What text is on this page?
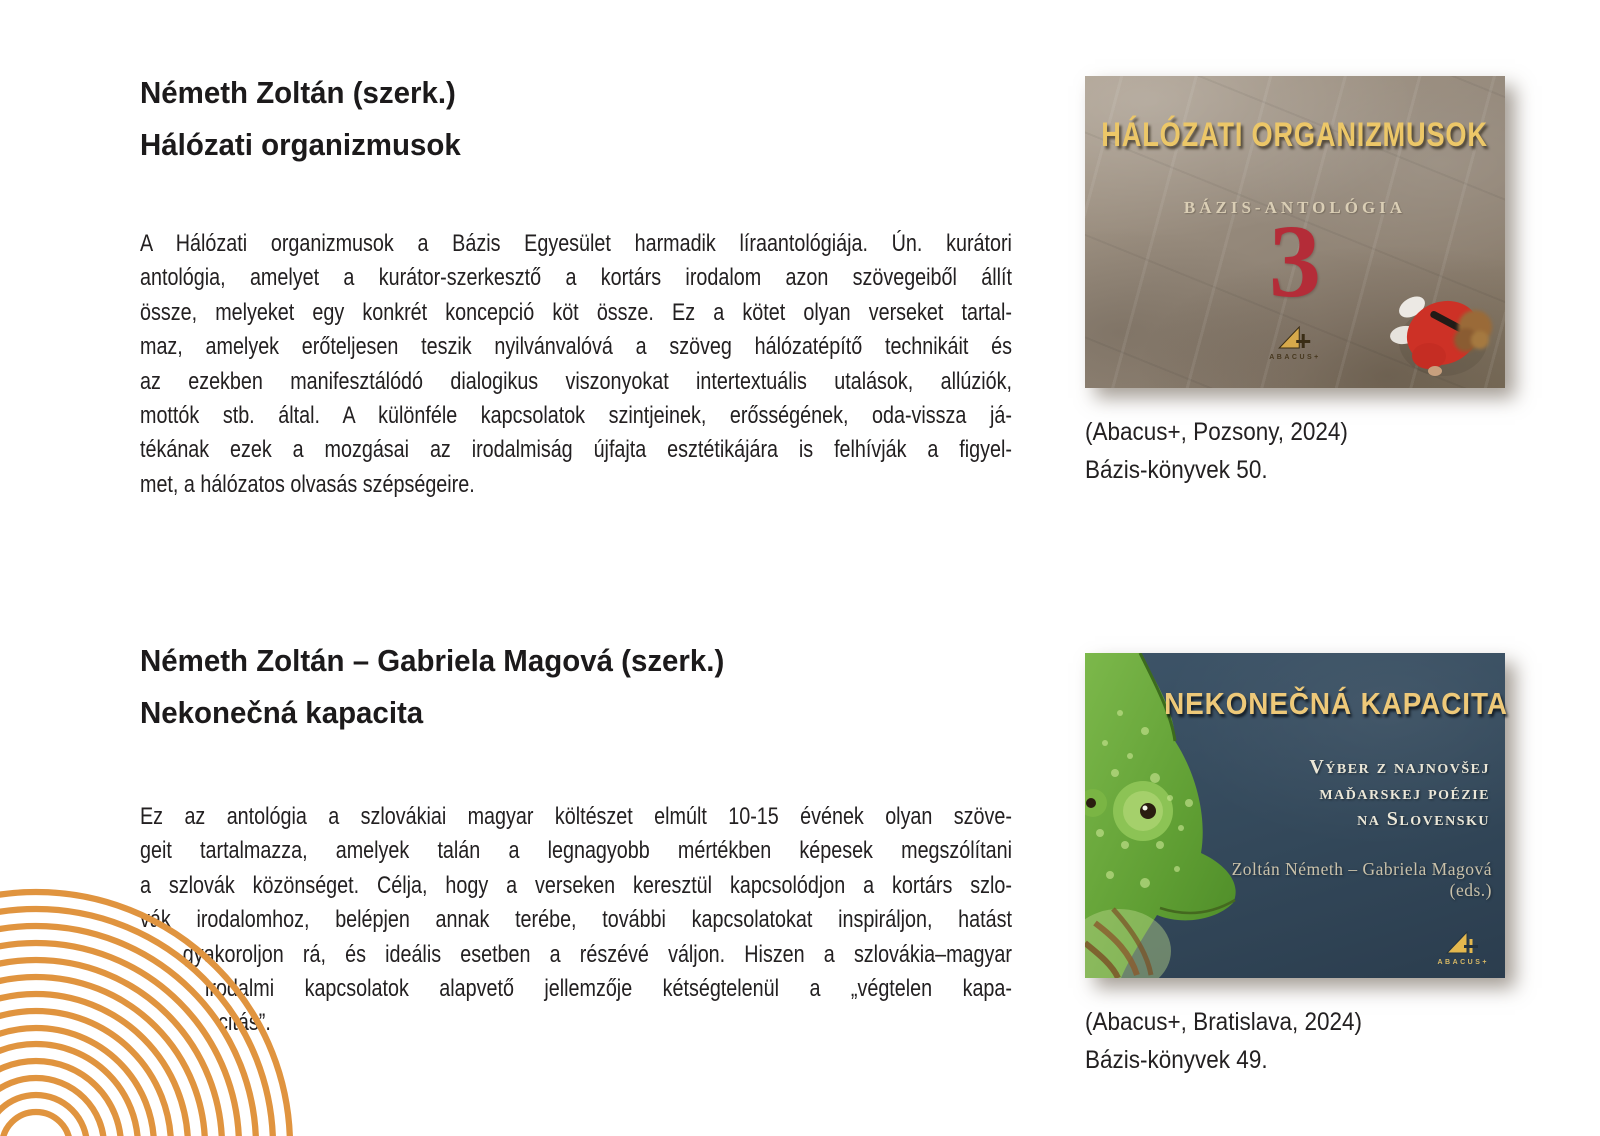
Németh Zoltán (szerk.)
Hálózati organizmusok
A Hálózati organizmusok a Bázis Egyesület harmadik líraantológiája. Ún. kurátori
antológia, amelyet a kurátor-szerkesztő a kortárs irodalom azon szövegeiből állít
össze, melyeket egy konkrét koncepció köt össze. Ez a kötet olyan verseket tartal-
maz, amelyek erőteljesen teszik nyilvánvalóvá a szöveg hálózatépítő technikáit és
az ezekben manifesztálódó dialogikus viszonyokat intertextuális utalások, allúziók,
mottók stb. által. A különféle kapcsolatok szintjeinek, erősségének, oda-vissza já-
tékának ezek a mozgásai az irodalmiság újfajta esztétikájára is felhívják a figyel-
met, a hálózatos olvasás szépségeire.
HÁLÓZATI ORGANIZMUSOK
BÁZIS-ANTOLÓGIA
3
ABACUS+
(Abacus+, Pozsony, 2024)
Bázis-könyvek 50.
Németh Zoltán – Gabriela Magová (szerk.)
Nekonečná kapacita
Ez az antológia a szlovákiai magyar költészet elmúlt 10-15 évének olyan szöve-
geit tartalmazza, amelyek talán a legnagyobb mértékben képesek megszólítani
a szlovák közönséget. Célja, hogy a verseken keresztül kapcsolódjon a kortárs szlo-
vák irodalomhoz, belépjen annak terébe, további kapcsolatokat inspiráljon, hatást
gyakoroljon rá, és ideális esetben a részévé váljon. Hiszen a szlovákia–magyar
irodalmi kapcsolatok alapvető jellemzője kétségtelenül a „végtelen kapa-
citás”.
NEKONEČNÁ KAPACITA
Výber z najnovšej
maďarskej poézie
na Slovensku
Zoltán Németh – Gabriela Magová (eds.)
ABACUS+
(Abacus+, Bratislava, 2024)
Bázis-könyvek 49.
